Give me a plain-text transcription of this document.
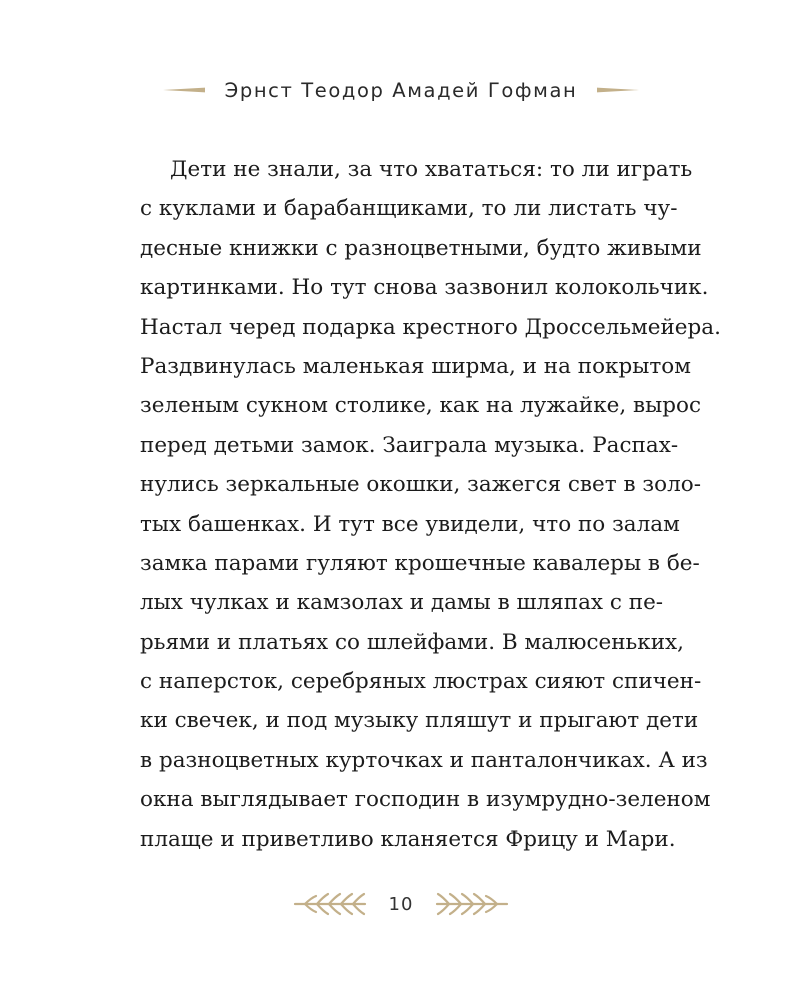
Эрнст Теодор Амадей Гофман
Дети не знали, за что хвататься: то ли играть
с куклами и барабанщиками, то ли листать чу-
десные книжки с разноцветными, будто живыми
картинками. Но тут снова зазвонил колокольчик.
Настал черед подарка крестного Дроссельмейера.
Раздвинулась маленькая ширма, и на покрытом
зеленым сукном столике, как на лужайке, вырос
перед детьми замок. Заиграла музыка. Распах-
нулись зеркальные окошки, зажегся свет в золо-
тых башенках. И тут все увидели, что по залам
замка парами гуляют крошечные кавалеры в бе-
лых чулках и камзолах и дамы в шляпах с пе-
рьями и платьях со шлейфами. В малюсеньких,
с наперсток, серебряных люстрах сияют спичен-
ки свечек, и под музыку пляшут и прыгают дети
в разноцветных курточках и панталончиках. А из
окна выглядывает господин в изумрудно-зеленом
плаще и приветливо кланяется Фрицу и Мари.
10
